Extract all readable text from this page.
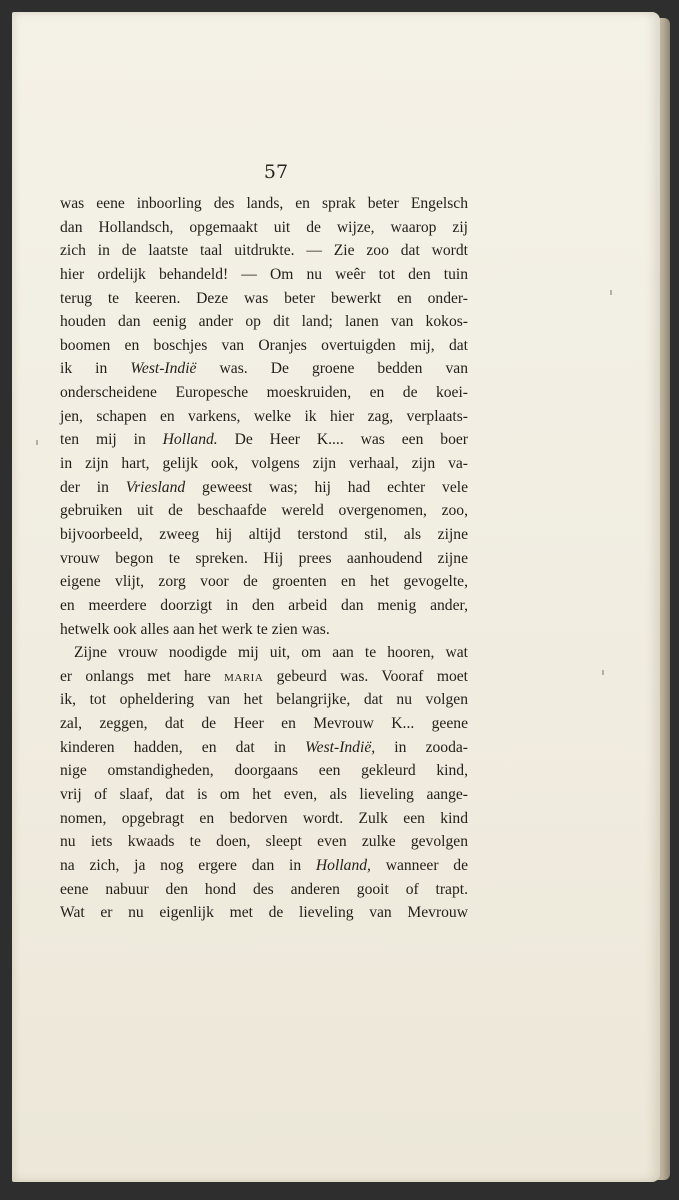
57
was eene inboorling des lands, en sprak beter Engelsch
dan Hollandsch, opgemaakt uit de wijze, waarop zij
zich in de laatste taal uitdrukte. — Zie zoo dat wordt
hier ordelijk behandeld! — Om nu weêr tot den tuin
terug te keeren. Deze was beter bewerkt en onder-
houden dan eenig ander op dit land; lanen van kokos-
boomen en boschjes van Oranjes overtuigden mij, dat
ik in West-Indië was. De groene bedden van
onderscheidene Europesche moeskruiden, en de koei-
jen, schapen en varkens, welke ik hier zag, verplaats-
ten mij in Holland. De Heer K.... was een boer
in zijn hart, gelijk ook, volgens zijn verhaal, zijn va-
der in Vriesland geweest was; hij had echter vele
gebruiken uit de beschaafde wereld overgenomen, zoo,
bijvoorbeeld, zweeg hij altijd terstond stil, als zijne
vrouw begon te spreken. Hij prees aanhoudend zijne
eigene vlijt, zorg voor de groenten en het gevogelte,
en meerdere doorzigt in den arbeid dan menig ander,
hetwelk ook alles aan het werk te zien was.
Zijne vrouw noodigde mij uit, om aan te hooren, wat
er onlangs met hare maria gebeurd was. Vooraf moet
ik, tot opheldering van het belangrijke, dat nu volgen
zal, zeggen, dat de Heer en Mevrouw K... geene
kinderen hadden, en dat in West-Indië, in zooda-
nige omstandigheden, doorgaans een gekleurd kind,
vrij of slaaf, dat is om het even, als lieveling aange-
nomen, opgebragt en bedorven wordt. Zulk een kind
nu iets kwaads te doen, sleept even zulke gevolgen
na zich, ja nog ergere dan in Holland, wanneer de
eene nabuur den hond des anderen gooit of trapt.
Wat er nu eigenlijk met de lieveling van Mevrouw
